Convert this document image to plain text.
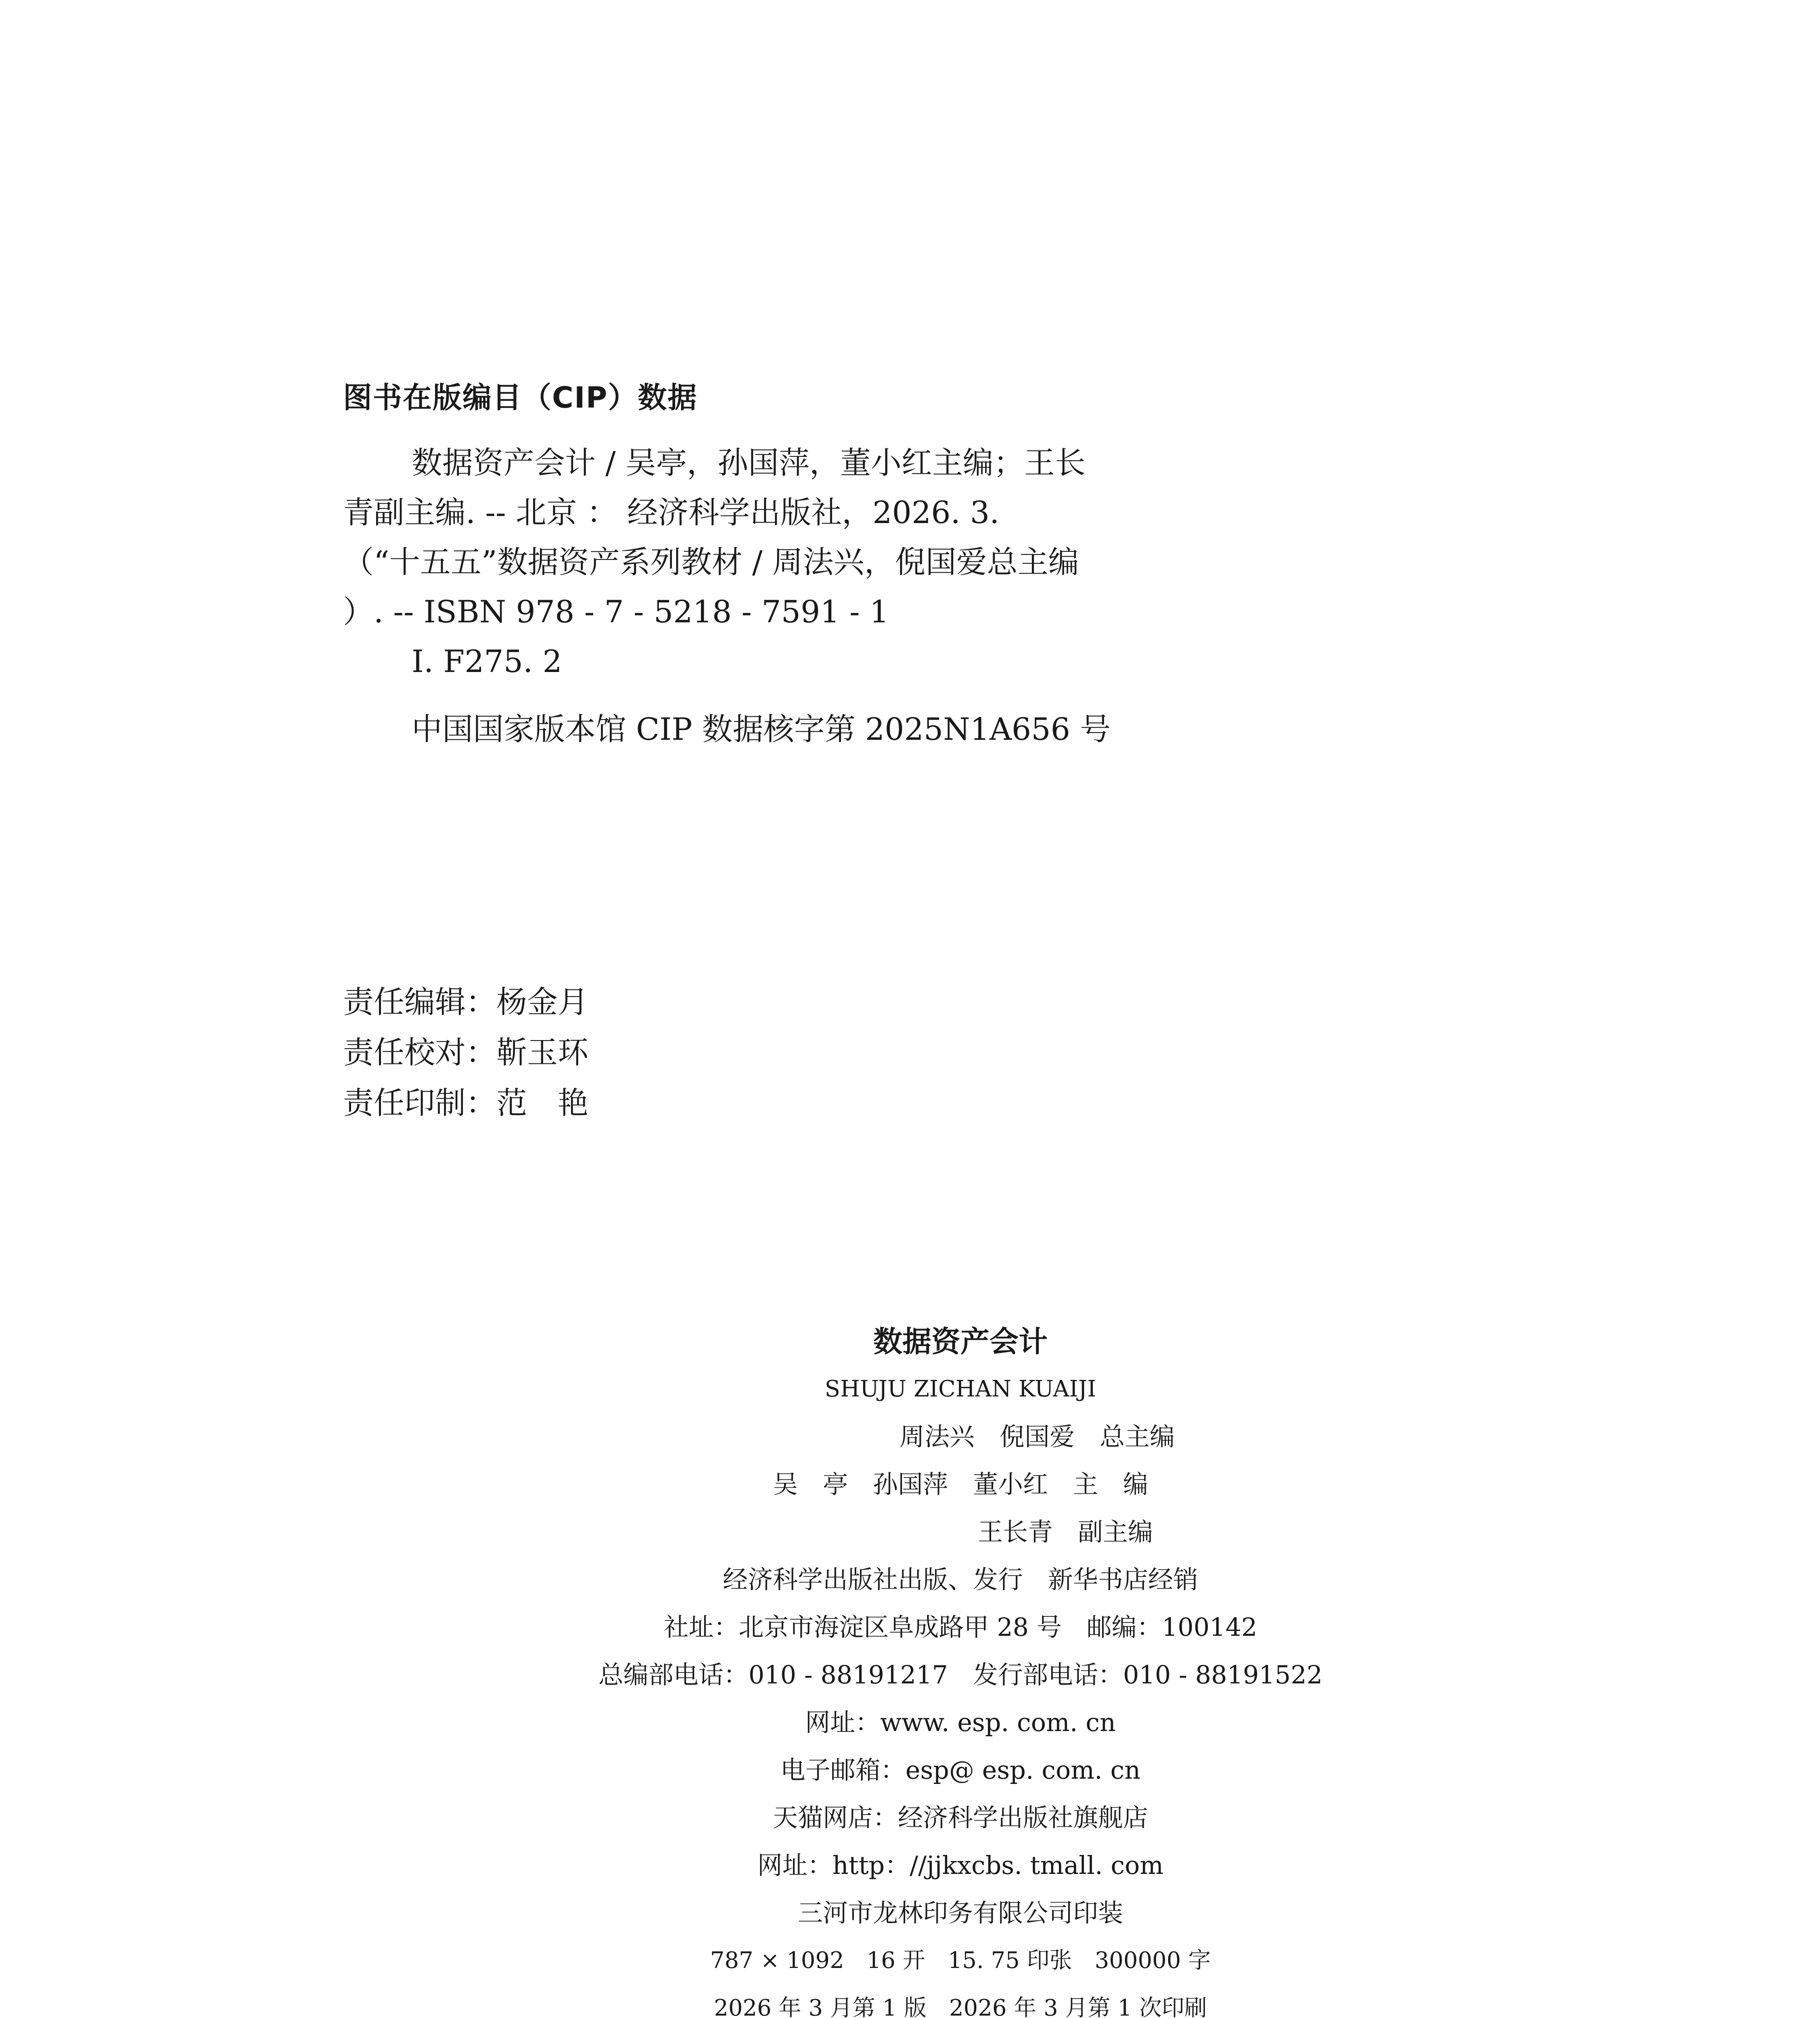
图书在版编目（CIP）数据
数据资产会计 / 吴亭，孙国萍，董小红主编；王长
青副主编. -- 北京 ： 经济科学出版社，2026. 3.
（“十五五”数据资产系列教材 / 周法兴，倪国爱总主编
）. -- ISBN 978 - 7 - 5218 - 7591 - 1
Ⅰ. F275. 2
中国国家版本馆 CIP 数据核字第 2025N1A656 号
责任编辑：杨金月
责任校对：靳玉环
责任印制：范　艳
数据资产会计
SHUJU ZICHAN KUAIJI
周法兴　倪国爱　总主编
吴　亭　孙国萍　董小红　主　编
王长青　副主编
经济科学出版社出版、发行　新华书店经销
社址：北京市海淀区阜成路甲 28 号　邮编：100142
总编部电话：010 - 88191217　发行部电话：010 - 88191522
网址：www. esp. com. cn
电子邮箱：esp@ esp. com. cn
天猫网店：经济科学出版社旗舰店
网址：http：//jjkxcbs. tmall. com
三河市龙林印务有限公司印装
787 × 1092　16 开　15. 75 印张　300000 字
2026 年 3 月第 1 版　2026 年 3 月第 1 次印刷
